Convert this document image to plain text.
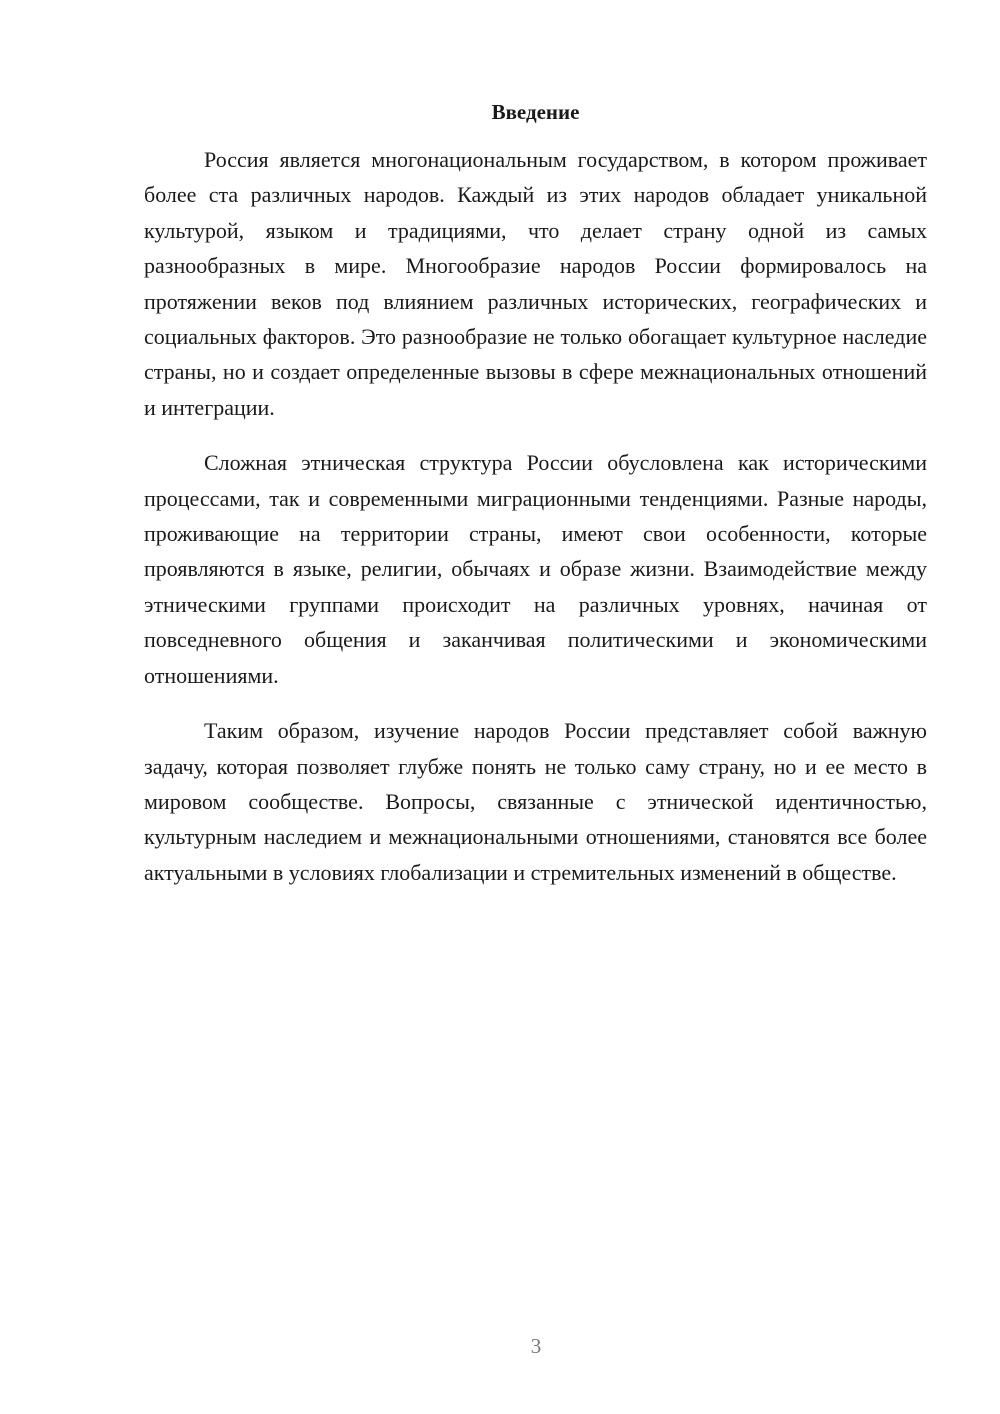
Введение

Россия является многонациональным государством, в котором проживает более ста различных народов. Каждый из этих народов обладает уникальной культурой, языком и традициями, что делает страну одной из самых разнообразных в мире. Многообразие народов России формировалось на протяжении веков под влиянием различных исторических, географических и социальных факторов. Это разнообразие не только обогащает культурное наследие страны, но и создает определенные вызовы в сфере межнациональных отношений и интеграции.

Сложная этническая структура России обусловлена как историческими процессами, так и современными миграционными тенденциями. Разные народы, проживающие на территории страны, имеют свои особенности, которые проявляются в языке, религии, обычаях и образе жизни. Взаимодействие между этническими группами происходит на различных уровнях, начиная от повседневного общения и заканчивая политическими и экономическими отношениями.

Таким образом, изучение народов России представляет собой важную задачу, которая позволяет глубже понять не только саму страну, но и ее место в мировом сообществе. Вопросы, связанные с этнической идентичностью, культурным наследием и межнациональными отношениями, становятся все более актуальными в условиях глобализации и стремительных изменений в обществе.

3
